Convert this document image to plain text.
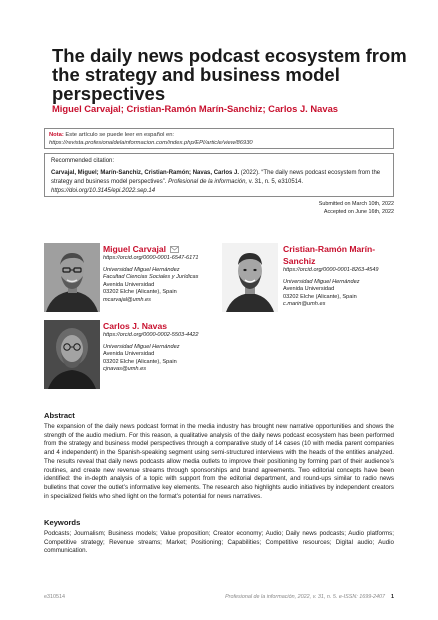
The daily news podcast ecosystem from the strategy and business model perspectives

Miguel Carvajal; Cristian-Ramón Marín-Sanchiz; Carlos J. Navas

Nota: Este artículo se puede leer en español en:
https://revista.profesionaldelainformacion.com/index.php/EPI/article/view/86930
Recommended citation:
Carvajal, Miguel; Marín-Sanchiz, Cristian-Ramón; Navas, Carlos J. (2022). “The daily news podcast ecosystem from the strategy and business model perspectives”. Profesional de la información, v. 31, n. 5, e310514.
https://doi.org/10.3145/epi.2022.sep.14
Submitted on March 10th, 2022
Accepted on June 16th, 2022
Miguel Carvajal
https://orcid.org/0000-0001-6547-6171
Universidad Miguel Hernández
Facultad Ciencias Sociales y Jurídicas
Avenida Universidad
03202 Elche (Alicante), Spain
mcarvajal@umh.es
Cristian-Ramón Marín-Sanchiz
https://orcid.org/0000-0001-8263-4549
Universidad Miguel Hernández
Avenida Universidad
03202 Elche (Alicante), Spain
c.marin@umh.es
Carlos J. Navas
https://orcid.org/0000-0002-5503-4422
Universidad Miguel Hernández
Avenida Universidad
03202 Elche (Alicante), Spain
cjnavas@umh.es
Abstract

The expansion of the daily news podcast format in the media industry has brought new narrative opportunities and shows the strength of the audio medium. For this reason, a qualitative analysis of the daily news podcast ecosystem has been performed from the strategy and business model perspectives through a comparative study of 14 cases (10 with media parent companies and 4 independent) in the Spanish-speaking segment using semi-structured interviews with the heads of the entities analyzed. The results reveal that daily news podcasts allow media outlets to improve their positioning by forming part of their audience’s routines, and create new revenue streams through sponsorships and brand agreements. Two editorial concepts have been identified: the in-depth analysis of a topic with support from the editorial department, and round-ups similar to radio news bulletins that cover the outlet’s informative key elements. The research also highlights audio initiatives by independent creators in specialized fields who shed light on the format’s potential for news narratives.

Keywords

Podcasts; Journalism; Business models; Value proposition; Creator economy; Audio; Daily news podcasts; Audio platforms; Competitive strategy; Revenue streams; Market; Positioning; Capabilities; Competitive resources; Digital audio; Audio communication.

e310514	Profesional de la información, 2022, v. 31, n. 5. e-ISSN: 1699-2407 1
